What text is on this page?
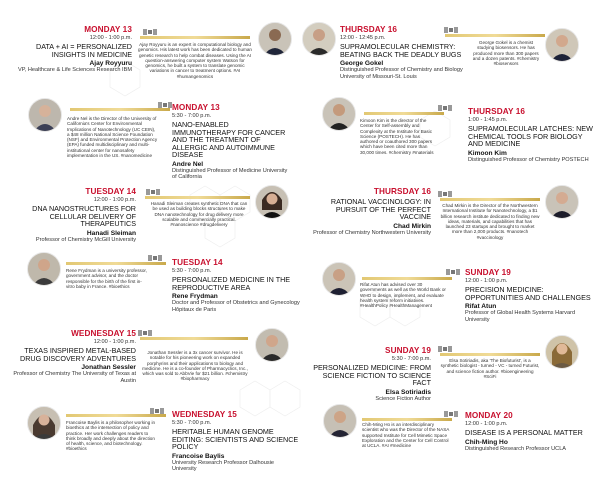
MONDAY 13
12:00 - 1:00 p.m.
DATA + AI = PERSONALIZED INSIGHTS IN MEDICINE
Ajay Royyuru
VP, Healthcare & Life Sciences Research IBM
Ajay Royyuru is an expert in computational biology and genomics. His latest work has been dedicated to human genetic research to help combat diseases. Using the AI question-answering computer system Watson for genomics, he built a system to translate genomic variations in cancer to treatment options. #AI #humangenomics
THURSDAY 16
12:00 - 12:45 p.m.
SUPRAMOLECULAR CHEMISTRY: BEATING BACK THE DEADLY BUGS
George Gokel
Distinguished Professor of Chemistry and Biology University of Missouri-St. Louis
George Gokel is a chemist studying biosensors. He has produced more than 300 papers and a dozen patents. #chemistry #biosensors
Andre Nel is the Director of the University of California's Center for Environmental Implications of Nanotechnology (UC CEIN), a $48 million National Science Foundation (NSF) and Environmental Protection Agency (EPA) funded multidisciplinary and multi-institutional center for nanosafety implementation in the US. #nanomedicine
MONDAY 13
5:30 - 7:00 p.m.
NANO-ENABLED IMMUNOTHERAPY FOR CANCER AND THE TREATMENT OF ALLERGIC AND AUTOIMMUNE DISEASE
Andre Nel
Distinguished Professor of Medicine University of California
Kimoon Kim is the director of the Center for Self-assembly and Complexity at the Institute for Basic Science (POSTECH). He has authored or coauthored 300 papers which have been cited more than 30,000 times. #chemistry #materials
THURSDAY 16
1:00 - 1:45 p.m.
SUPRAMOLECULAR LATCHES: NEW CHEMICAL TOOLS FOR BIOLOGY AND MEDICINE
Kimoon Kim
Distinguished Professor of Chemistry POSTECH
TUESDAY 14
12:00 - 1:00 p.m.
DNA NANOSTRUCTURES FOR CELLULAR DELIVERY OF THERAPEUTICS
Hanadi Sleiman
Professor of Chemistry McGill University
Hanadi Sleiman creates synthetic DNA that can be used as building blocks structures to make DNA nanotechnology for drug delivery more scalable and commercially practical. #nanoscience #drugdelivery
THURSDAY 16
RATIONAL VACCINOLOGY: IN PURSUIT OF THE PERFECT VACCINE
Chad Mirkin
Professor of Chemistry Northwestern University
Chad Mirkin is the Director of the Northwestern International Institute for Nanotechnology, a $1 billion research institute dedicated to finding new ideas, materials, and capabilities that has launched 23 startups and brought to market more than 2,000 products. #nanotech #vaccinology
Rene Frydman is a university professor, government advisor, and the doctor responsible for the birth of the first in-vitro baby in France. #bioethics
TUESDAY 14
5:30 - 7:00 p.m.
PERSONALIZED MEDICINE IN THE REPRODUCTIVE AREA
Rene Frydman
Doctor and Professor of Obstetrics and Gynecology Hôpitaux de Paris
Rifat Atun has advised over 30 governments as well as the World Bank or WHO to design, implement, and evaluate health system reform initiatives. #HealthPolicy #HealthManagement
SUNDAY 19
12:00 - 1:00 p.m.
PRECISION MEDICINE: OPPORTUNITIES AND CHALLENGES
Rifat Atun
Professor of Global Health Systems Harvard University
WEDNESDAY 15
12:00 - 1:00 p.m.
TEXAS INSPIRED METAL-BASED DRUG DISCOVERY ADVENTURES
Jonathan Sessler
Professor of Chemistry The University of Texas at Austin
Jonathan Sessler is a 3x cancer survivor. He is notable for his pioneering work on expanded porphyrins and their applications to biology and medicine. He is a co-founder of Pharmacyclics, Inc., which was sold to AbbVie for $21 billion. #chemistry #biopharmacy
SUNDAY 19
5:30 - 7:00 p.m.
PERSONALIZED MEDICINE: FROM SCIENCE FICTION TO SCIENCE FACT
Elsa Sotiriadis
Science Fiction Author
Elsa Sotiriadis, aka 'The Biofuturist', is a synthetic biologist - turned - VC - turned Futurist, and science fiction author. #bioengineering #SciFi
Francoise Baylis is a philosopher working in bioethics at the intersection of policy and practice. Her work challenges readers to think broadly and deeply about the direction of health, science, and biotechnology. #bioethics
WEDNESDAY 15
5:30 - 7:00 p.m.
HERITABLE HUMAN GENOME EDITING: SCIENTISTS AND SCIENCE POLICY
Francoise Baylis
University Research Professor Dalhousie University
Chih-Ming Ho is an interdisciplinary scientist who was the Director of the NASA supported Institute for Cell Mimetic Space Exploration and the Center for Cell Control at UCLA. #AI #medicine
MONDAY 20
12:00 - 1:00 p.m.
DISEASE IS A PERSONAL MATTER
Chih-Ming Ho
Distinguished Research Professor UCLA
